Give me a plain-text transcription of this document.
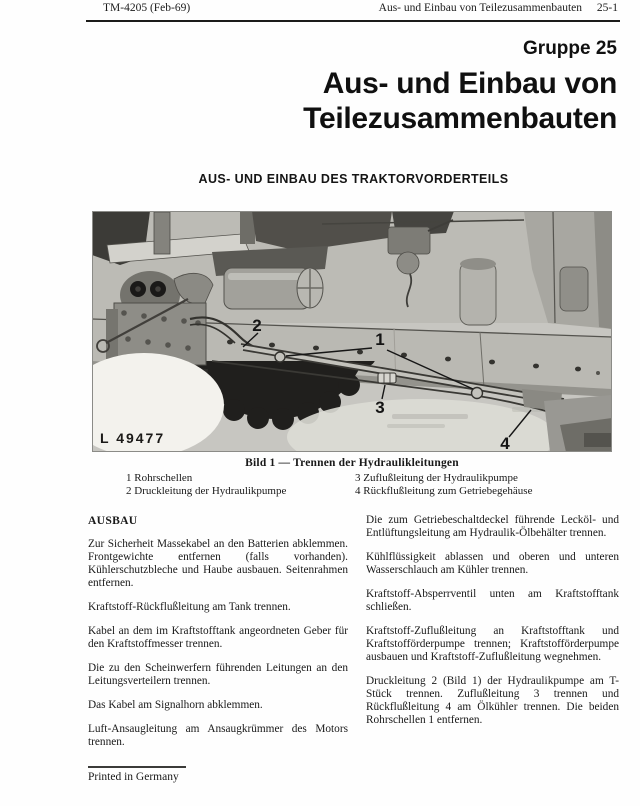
TM-4205 (Feb-69)	Aus- und Einbau von Teilezusammenbauten 25-1
Gruppe 25
Aus- und Einbau von
Teilezusammenbauten
AUS- UND EINBAU DES TRAKTORVORDERTEILS
1
2
3
4
L 49477
Bild 1 — Trennen der Hydraulikleitungen
1 Rohrschellen
2 Druckleitung der Hydraulikpumpe
3 Zuflußleitung der Hydraulikpumpe
4 Rückflußleitung zum Getriebegehäuse

AUSBAU

Zur Sicherheit Massekabel an den Batterien abklemmen. Frontgewichte entfernen (falls vorhanden). Kühlerschutzbleche und Haube ausbauen. Seitenrahmen entfernen.

Kraftstoff-Rückflußleitung am Tank trennen.

Kabel an dem im Kraftstofftank angeordneten Geber für den Kraftstoffmesser trennen.

Die zu den Scheinwerfern führenden Leitungen an den Leitungsverteilern trennen.

Das Kabel am Signalhorn abklemmen.

Luft-Ansaugleitung am Ansaugkrümmer des Motors trennen.

Die zum Getriebeschaltdeckel führende Lecköl- und Entlüftungsleitung am Hydraulik-Ölbehälter trennen.

Kühlflüssigkeit ablassen und oberen und unteren Wasserschlauch am Kühler trennen.

Kraftstoff-Absperrventil unten am Kraftstofftank schließen.

Kraftstoff-Zuflußleitung an Kraftstofftank und Kraftstofförderpumpe trennen; Kraftstofförderpumpe ausbauen und Kraftstoff-Zuflußleitung wegnehmen.

Druckleitung 2 (Bild 1) der Hydraulikpumpe am T-Stück trennen. Zuflußleitung 3 trennen und Rückflußleitung 4 am Ölkühler trennen. Die beiden Rohrschellen 1 entfernen.

Printed in Germany
